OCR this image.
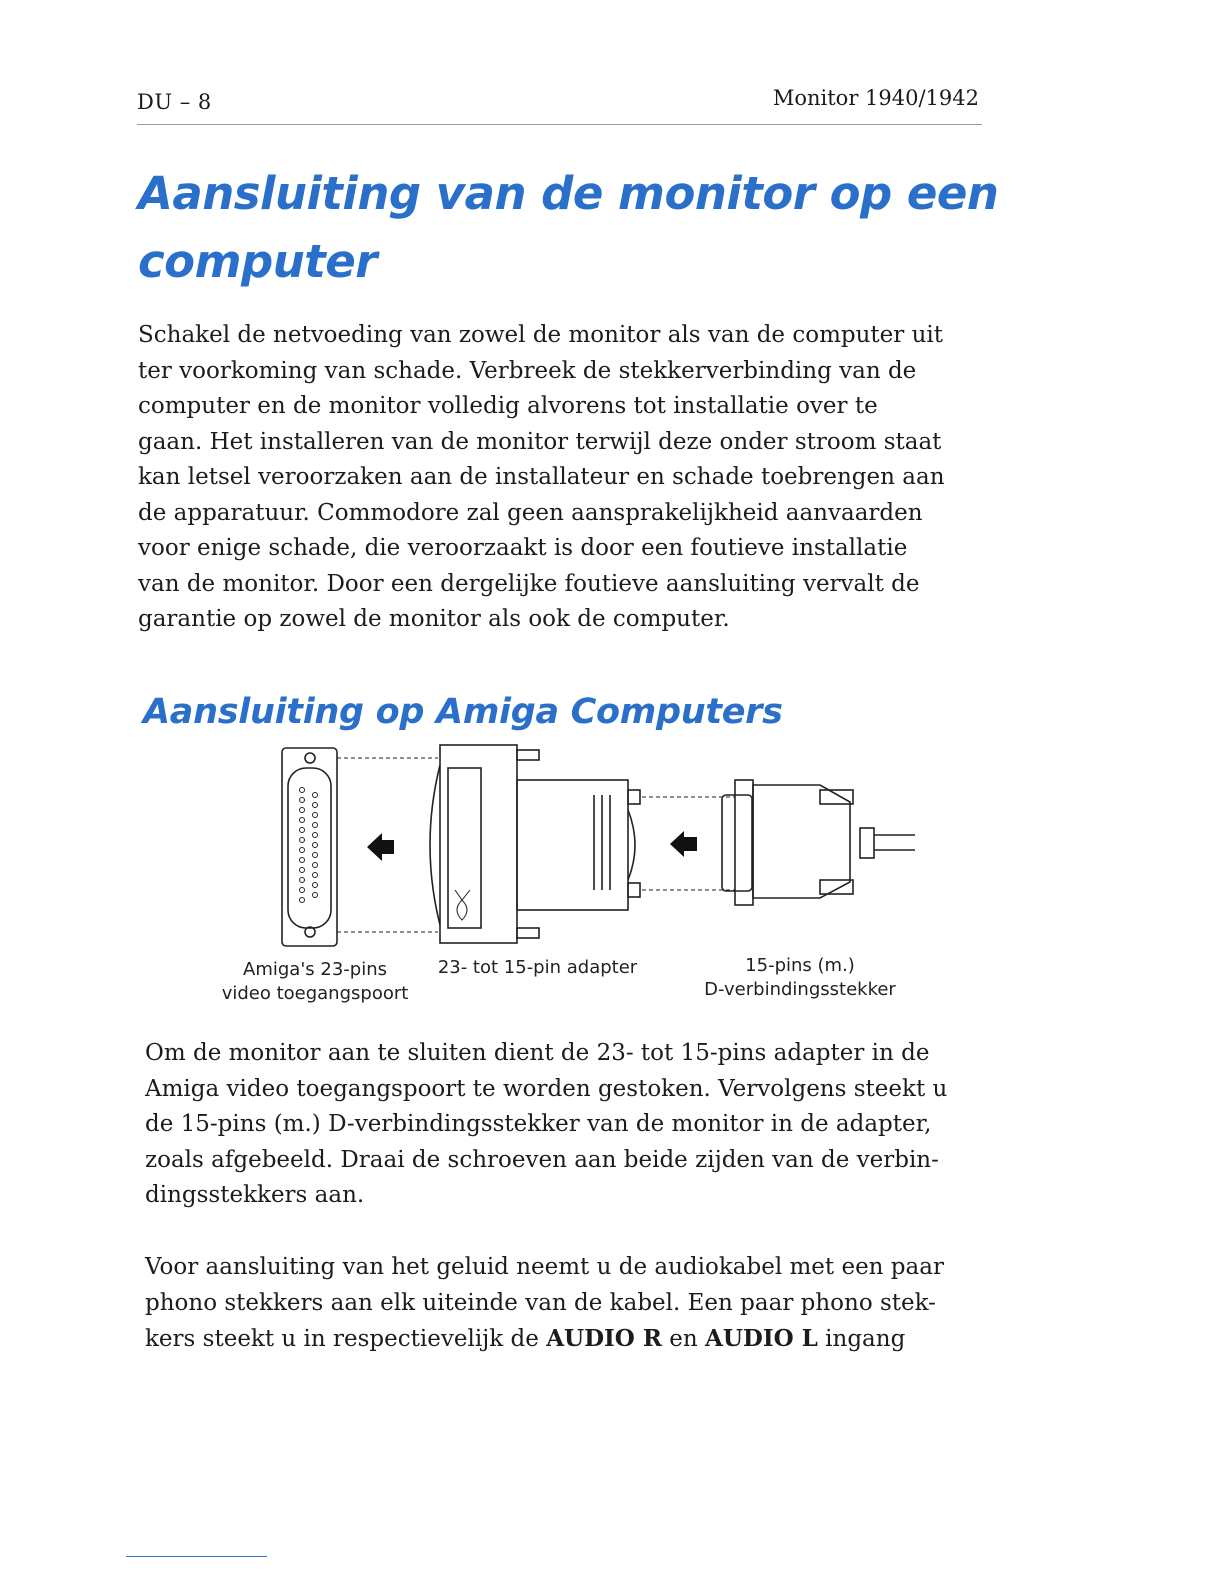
DU – 8	Monitor 1940/1942
Aansluiting van de monitor op een
computer

Schakel de netvoeding van zowel de monitor als van de computer uit
ter voorkoming van schade. Verbreek de stekkerverbinding van de
computer en de monitor volledig alvorens tot installatie over te
gaan. Het installeren van de monitor terwijl deze onder stroom staat
kan letsel veroorzaken aan de installateur en schade toebrengen aan
de apparatuur. Commodore zal geen aansprakelijkheid aanvaarden
voor enige schade, die veroorzaakt is door een foutieve installatie
van de monitor. Door een dergelijke foutieve aansluiting vervalt de
garantie op zowel de monitor als ook de computer.

Aansluiting op Amiga Computers
Amiga's 23-pins
video toegangspoort
23- tot 15-pin adapter	15-pins (m.)
D-verbindingsstekker

Om de monitor aan te sluiten dient de 23- tot 15-pins adapter in de
Amiga video toegangspoort te worden gestoken. Vervolgens steekt u
de 15-pins (m.) D-verbindingsstekker van de monitor in de adapter,
zoals afgebeeld. Draai de schroeven aan beide zijden van de verbin-
dingsstekkers aan.

Voor aansluiting van het geluid neemt u de audiokabel met een paar
phono stekkers aan elk uiteinde van de kabel. Een paar phono stek-
kers steekt u in respectievelijk de AUDIO R en AUDIO L ingang
